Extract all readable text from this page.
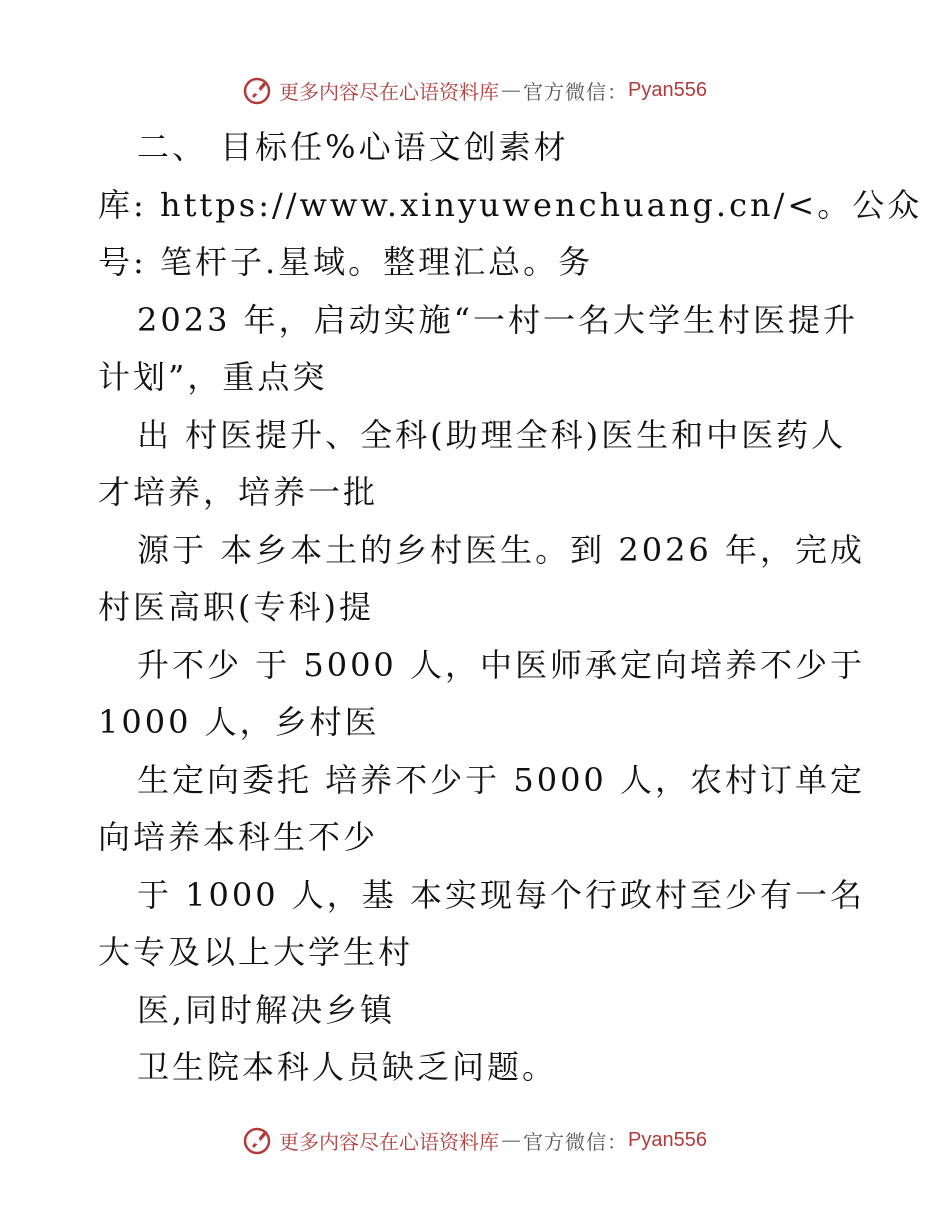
更多内容尽在心语资料库 — 官方微信： Pyan556
二、 目标任%心语文创素材
库: https://www.xinyuwenchuang.cn/<。公众
号: 笔杆子.星域。整理汇总。务
2023 年，启动实施“一村一名大学生村医提升
计划”，重点突
出 村医提升、全科(助理全科)医生和中医药人
才培养，培养一批
源于 本乡本土的乡村医生。到 2026 年，完成
村医高职(专科)提
升不少 于 5000 人，中医师承定向培养不少于
1000 人，乡村医
生定向委托 培养不少于 5000 人，农村订单定
向培养本科生不少
于 1000 人，基 本实现每个行政村至少有一名
大专及以上大学生村
医,同时解决乡镇
卫生院本科人员缺乏问题。
更多内容尽在心语资料库 — 官方微信： Pyan556
